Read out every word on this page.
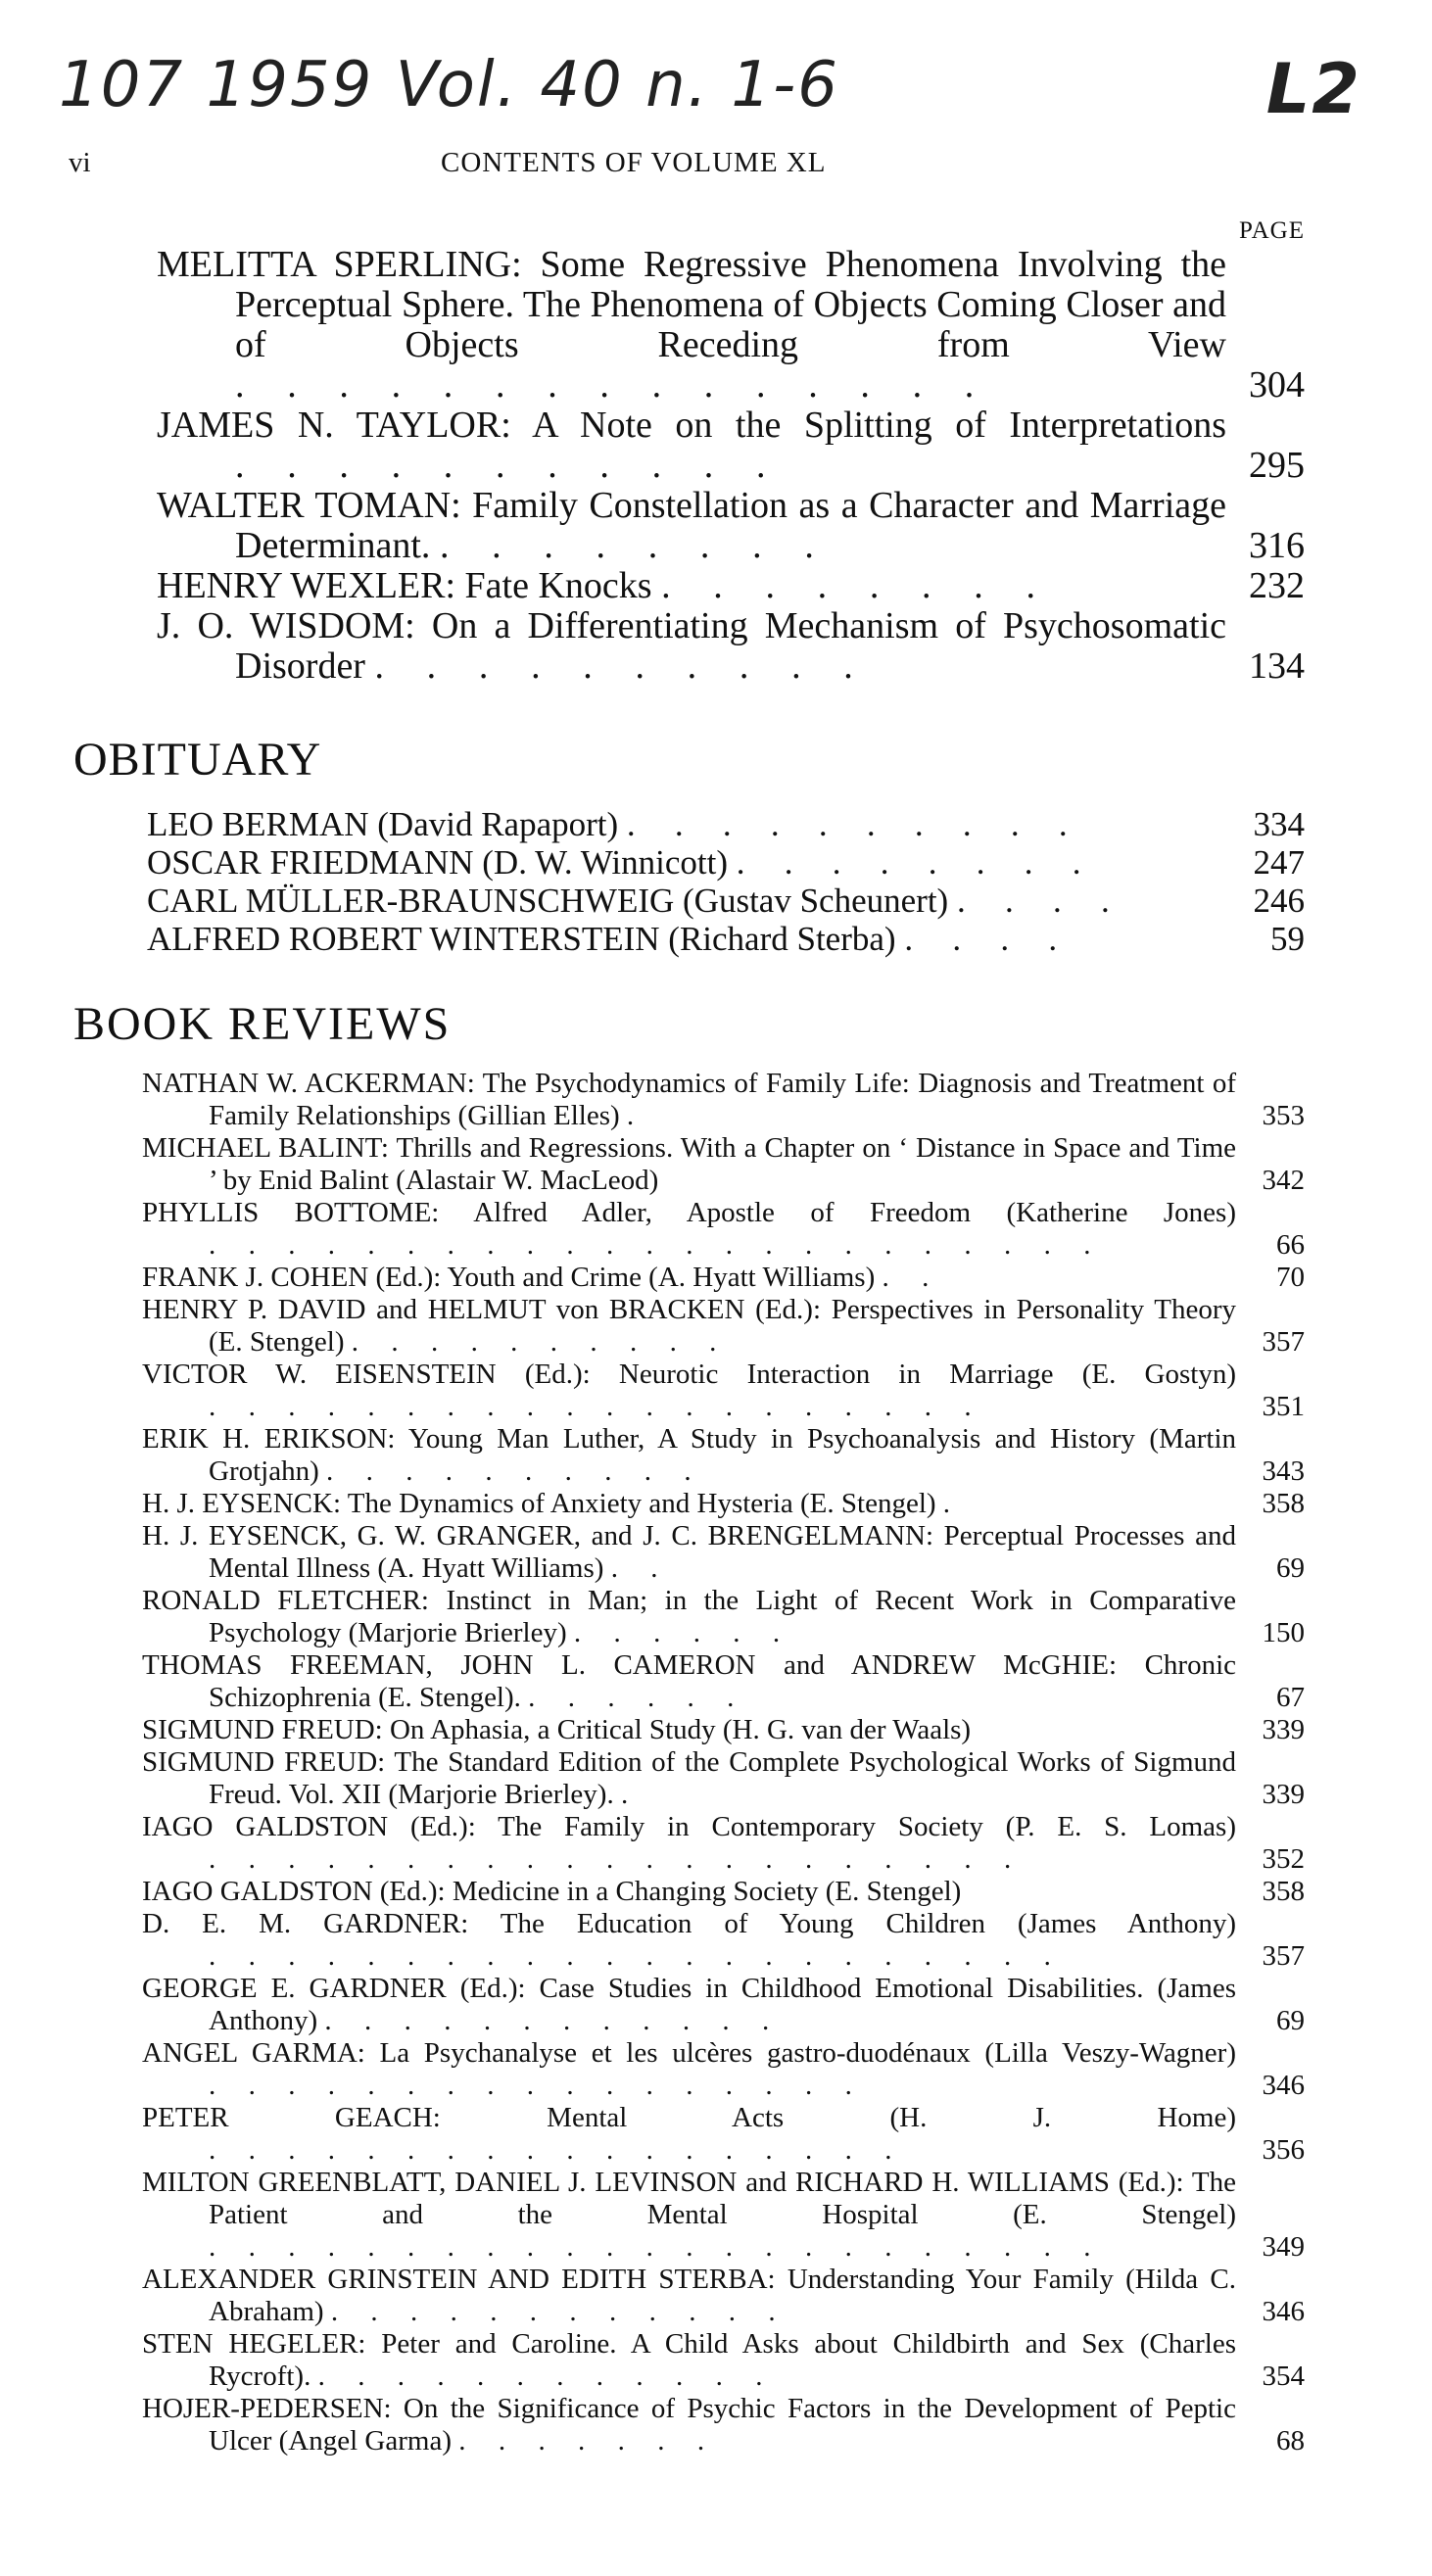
107 1959 Vol. 40 n. 1-6	L2
vi	CONTENTS OF VOLUME XL
PAGE
MELITTA SPERLING: Some Regressive Phenomena Involving the Perceptual Sphere. The Phenomena of Objects Coming Closer and of Objects Receding from View . . . . . . . . . . . . . . .	304
JAMES N. TAYLOR: A Note on the Splitting of Interpretations . . . . . . . . . . .	295
WALTER TOMAN: Family Constellation as a Character and Marriage Determinant. . . . . . . . .	316
HENRY WEXLER: Fate Knocks . . . . . . . .	232
J. O. WISDOM: On a Differentiating Mechanism of Psychosomatic Disorder . . . . . . . . . .	134
OBITUARY
LEO BERMAN (David Rapaport) . . . . . . . . . .	334
OSCAR FRIEDMANN (D. W. Winnicott) . . . . . . . .	247
CARL MÜLLER-BRAUNSCHWEIG (Gustav Scheunert) . . . .	246
ALFRED ROBERT WINTERSTEIN (Richard Sterba) . . . .	59
BOOK REVIEWS
NATHAN W. ACKERMAN: The Psychodynamics of Family Life: Diagnosis and Treatment of Family Relationships (Gillian Elles) .	353
MICHAEL BALINT: Thrills and Regressions. With a Chapter on ‘ Distance in Space and Time ’ by Enid Balint (Alastair W. MacLeod)	342
PHYLLIS BOTTOME: Alfred Adler, Apostle of Freedom (Katherine Jones) . . . . . . . . . . . . . . . . . . . . . . .	66
FRANK J. COHEN (Ed.): Youth and Crime (A. Hyatt Williams) . .	70
HENRY P. DAVID and HELMUT von BRACKEN (Ed.): Perspectives in Personality Theory (E. Stengel) . . . . . . . . . .	357
VICTOR W. EISENSTEIN (Ed.): Neurotic Interaction in Marriage (E. Gostyn) . . . . . . . . . . . . . . . . . . . .	351
ERIK H. ERIKSON: Young Man Luther, A Study in Psychoanalysis and History (Martin Grotjahn) . . . . . . . . . .	343
H. J. EYSENCK: The Dynamics of Anxiety and Hysteria (E. Stengel) .	358
H. J. EYSENCK, G. W. GRANGER, and J. C. BRENGELMANN: Perceptual Processes and Mental Illness (A. Hyatt Williams) . .	69
RONALD FLETCHER: Instinct in Man; in the Light of Recent Work in Comparative Psychology (Marjorie Brierley) . . . . . .	150
THOMAS FREEMAN, JOHN L. CAMERON and ANDREW McGHIE: Chronic Schizophrenia (E. Stengel). . . . . . .	67
SIGMUND FREUD: On Aphasia, a Critical Study (H. G. van der Waals)	339
SIGMUND FREUD: The Standard Edition of the Complete Psychological Works of Sigmund Freud. Vol. XII (Marjorie Brierley). .	339
IAGO GALDSTON (Ed.): The Family in Contemporary Society (P. E. S. Lomas) . . . . . . . . . . . . . . . . . . . . .	352
IAGO GALDSTON (Ed.): Medicine in a Changing Society (E. Stengel)	358
D. E. M. GARDNER: The Education of Young Children (James Anthony) . . . . . . . . . . . . . . . . . . . . . .	357
GEORGE E. GARDNER (Ed.): Case Studies in Childhood Emotional Disabilities. (James Anthony) . . . . . . . . . . . .	69
ANGEL GARMA: La Psychanalyse et les ulcères gastro-duodénaux (Lilla Veszy-Wagner) . . . . . . . . . . . . . . . . .	346
PETER GEACH: Mental Acts (H. J. Home) . . . . . . . . . . . . . . . . . .	356
MILTON GREENBLATT, DANIEL J. LEVINSON and RICHARD H. WILLIAMS (Ed.): The Patient and the Mental Hospital (E. Stengel) . . . . . . . . . . . . . . . . . . . . . . .	349
ALEXANDER GRINSTEIN AND EDITH STERBA: Understanding Your Family (Hilda C. Abraham) . . . . . . . . . . . .	346
STEN HEGELER: Peter and Caroline. A Child Asks about Childbirth and Sex (Charles Rycroft). . . . . . . . . . . . .	354
HOJER-PEDERSEN: On the Significance of Psychic Factors in the Development of Peptic Ulcer (Angel Garma) . . . . . . .	68
